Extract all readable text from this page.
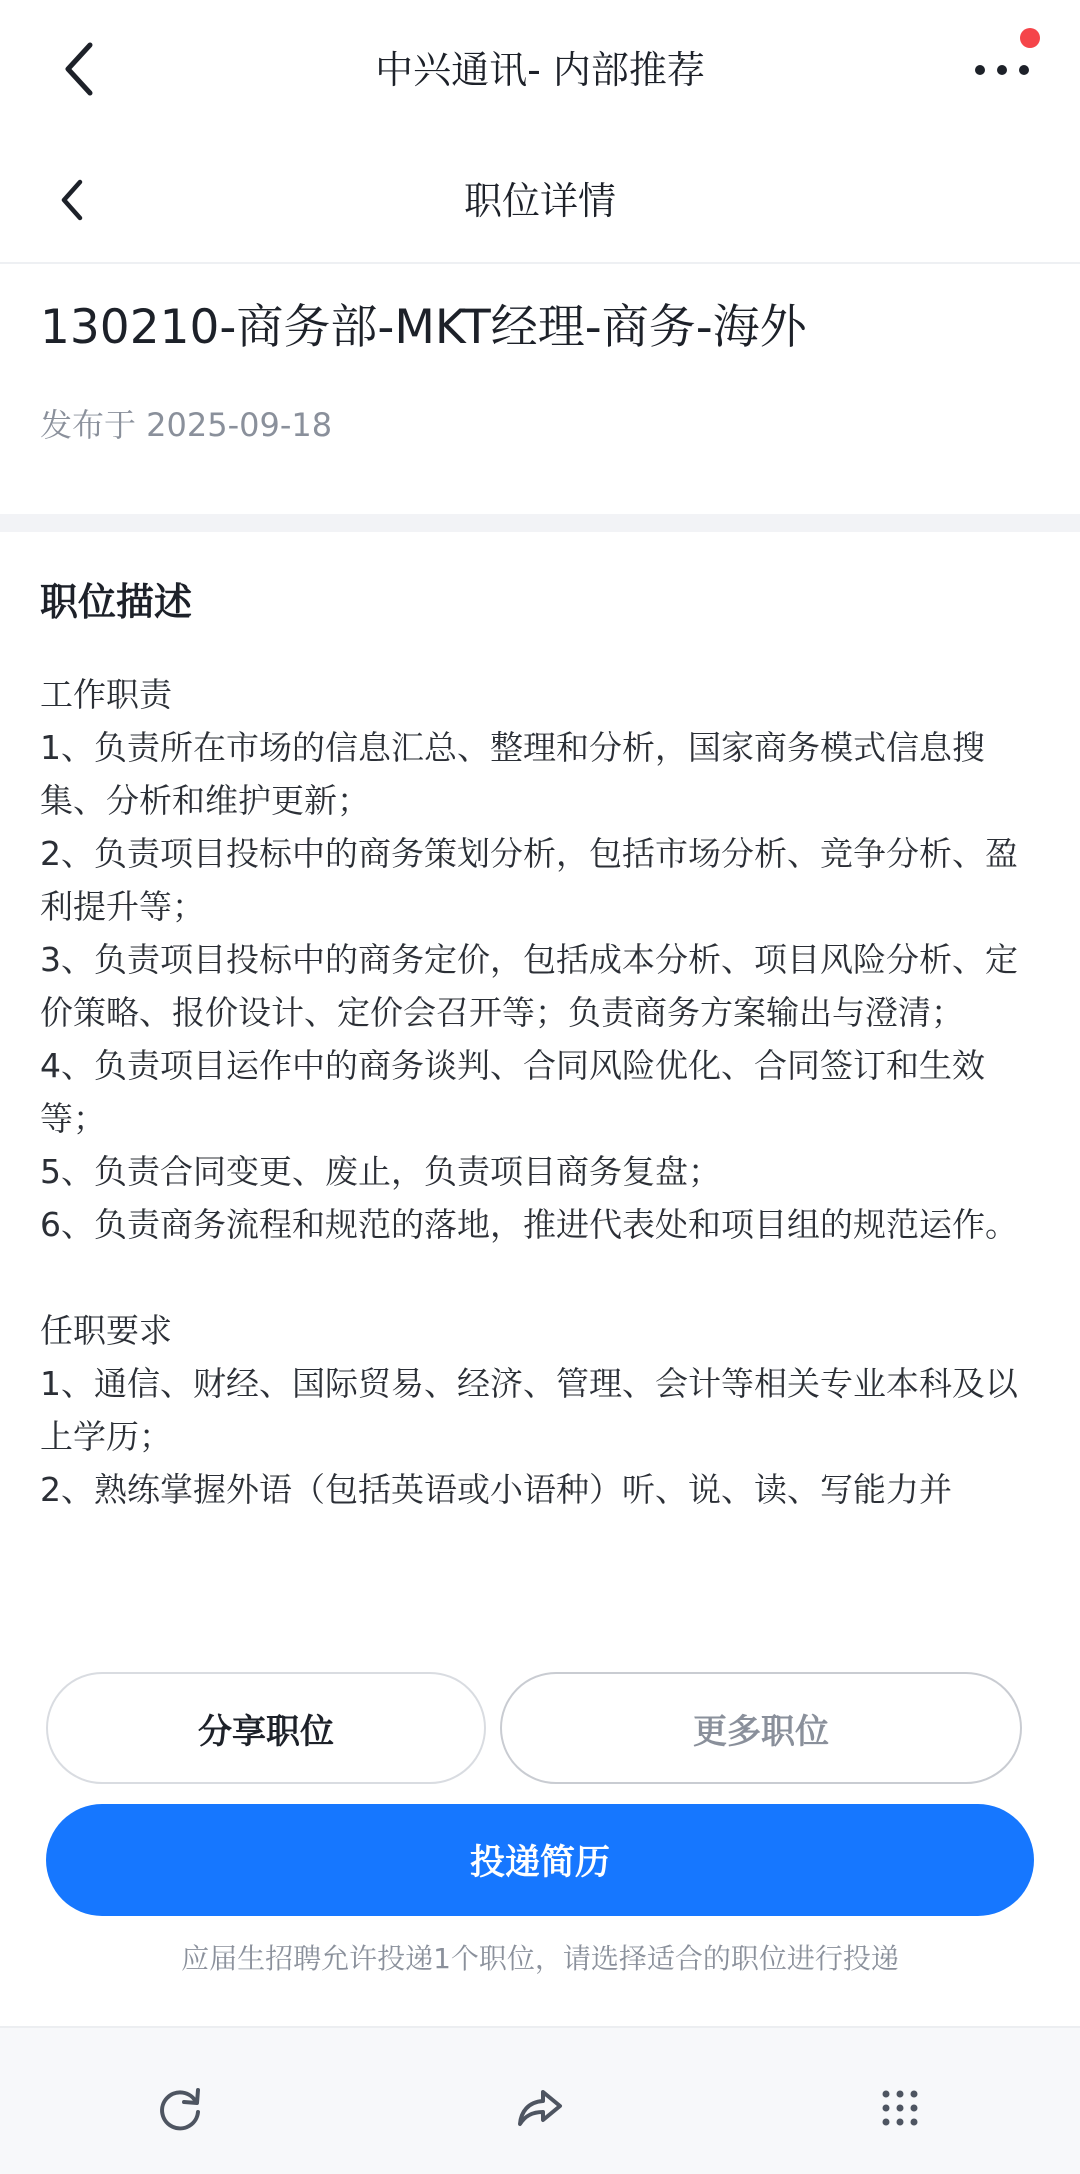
中兴通讯- 内部推荐
职位详情
130210-商务部-MKT经理-商务-海外
发布于 2025-09-18
职位描述

工作职责

1、负责所在市场的信息汇总、整理和分析，国家商务模式信息搜集、分析和维护更新；

2、负责项目投标中的商务策划分析，包括市场分析、竞争分析、盈利提升等；

3、负责项目投标中的商务定价，包括成本分析、项目风险分析、定价策略、报价设计、定价会召开等；负责商务方案输出与澄清；

4、负责项目运作中的商务谈判、合同风险优化、合同签订和生效等；

5、负责合同变更、废止，负责项目商务复盘；

6、负责商务流程和规范的落地，推进代表处和项目组的规范运作。

任职要求

1、通信、财经、国际贸易、经济、管理、会计等相关专业本科及以上学历；

2、熟练掌握外语（包括英语或小语种）听、说、读、写能力并

分享职位	更多职位
投递简历
应届生招聘允许投递1个职位，请选择适合的职位进行投递
